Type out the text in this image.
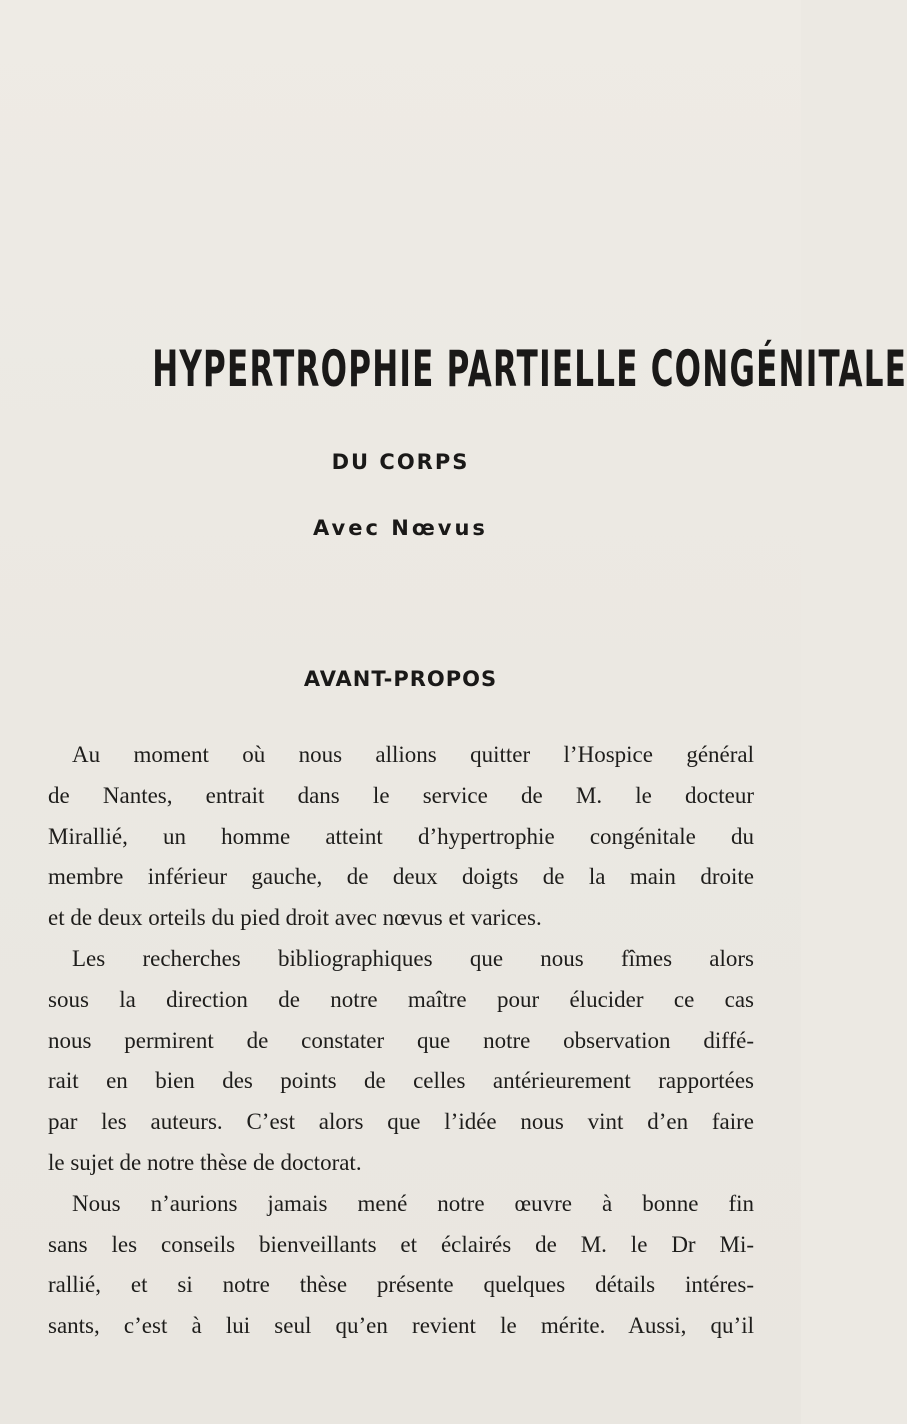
HYPERTROPHIE PARTIELLE CONGÉNITALE
DU CORPS
Avec Nœvus
AVANT-PROPOS

Au moment où nous allions quitter l’Hospice général
de Nantes, entrait dans le service de M. le docteur
Mirallié, un homme atteint d’hypertrophie congénitale du
membre inférieur gauche, de deux doigts de la main droite
et de deux orteils du pied droit avec nœvus et varices.

Les recherches bibliographiques que nous fîmes alors
sous la direction de notre maître pour élucider ce cas
nous permirent de constater que notre observation diffé-
rait en bien des points de celles antérieurement rapportées
par les auteurs. C’est alors que l’idée nous vint d’en faire
le sujet de notre thèse de doctorat.

Nous n’aurions jamais mené notre œuvre à bonne fin
sans les conseils bienveillants et éclairés de M. le Dr Mi-
rallié, et si notre thèse présente quelques détails intéres-
sants, c’est à lui seul qu’en revient le mérite. Aussi, qu’il
